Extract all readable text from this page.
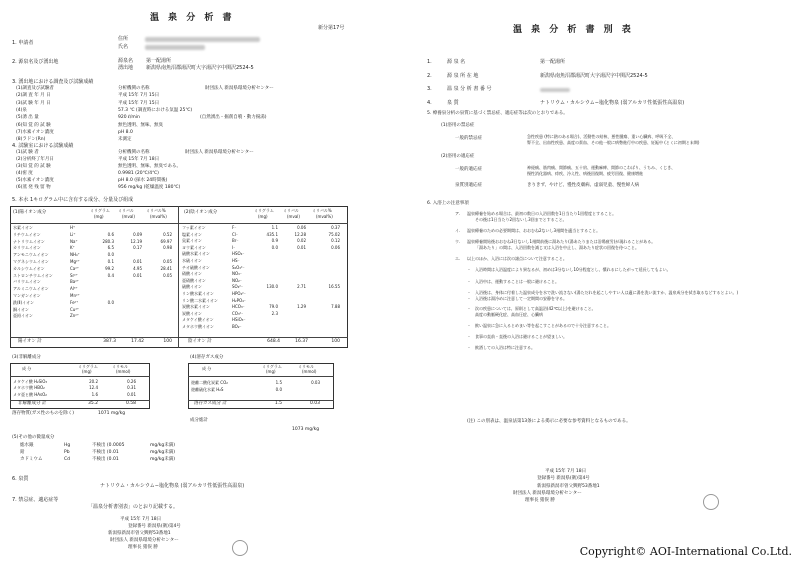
温 泉 分 析 書
新分第17号
1. 申請者
住所
氏名
2. 源泉名及び湧出地	源泉名	第一配湯所
湧出地	新潟県南魚沼郡湯沢町大字湯沢字中関沢2524-5
3. 湧出地における調査及び試験成績
(1)調査及び試験者	分析機関の名称	財団法人 新潟県環境分析センター
(2)調 査 年 月 日	平成 15年 7月 15日
(3)試 験 年 月 日	平成 15年 7月 15日
(4)泉	57.3 ℃ (調査時における気温 25℃)
(5)湧 出 量	920 ℓ/min	(自然湧出・掘削自噴・動力揚湯)
(6)知 覚 的 試 験	無色透明、無味、無臭
(7)水素イオン濃度	pH 8.0
(8)ラドン(Rn)	未測定
4. 試験室における試験成績
(1)試 験 者	分析機関の名称	財団法人 新潟県環境分析センター
(2)分析終了年月日	平成 15年 7月 18日
(3)知 覚 的 試 験	無色透明、無味、無臭である。
(4)密 度	0.9981 (20℃/4℃)
(5)水素イオン濃度	pH 8.0 (採水 24時間後)
(6)蒸 発 残 留 物	956 mg/kg (乾燥温度 180℃)
5. 本水 1キログラム中に含有する成分、分量及び組成
(1)陽イオン成分	(2)陰イオン成分
ミリグラム
(mg)
ミリバル
(mval)
ミリバル%
(mval%)
ミリグラム
(mg)
ミリバル
(mval)
ミリバル%
(mval%)
水素イオン	H⁺
リチウムイオン	Li⁺	0.6	0.09	0.52
ナトリウムイオン	Na⁺	280.3	12.19	69.97
カリウムイオン	K⁺	6.5	0.17	0.98
アンモニウムイオン	NH₄⁺	0.0
マグネシウムイオン	Mg²⁺	0.1	0.01	0.05
カルシウムイオン	Ca²⁺	99.2	4.95	28.41
ストロンチウムイオン	Sr²⁺	0.4	0.01	0.05
バリウムイオン	Ba²⁺
アルミニウムイオン	Al³⁺
マンガンイオン	Mn²⁺
鉄(Ⅱ)イオン	Fe²⁺	0.0
銅イオン	Cu²⁺
亜鉛イオン	Zn²⁺
フッ素イオン	F⁻	1.1	0.06	0.37
塩素イオン	Cl⁻	435.1	12.28	75.02
臭素イオン	Br⁻	0.9	0.02	0.12
ヨウ素イオン	I⁻	0.0	0.01	0.06
硫酸水素イオン	HSO₄⁻
水硫イオン	HS⁻
チオ硫酸イオン	S₂O₃²⁻
硝酸イオン	NO₃⁻
亜硝酸イオン	NO₂⁻
硫酸イオン	SO₄²⁻	130.0	2.71	16.55
リン酸水素イオン	HPO₄²⁻
リン酸二水素イオン	H₂PO₄⁻
炭酸水素イオン	HCO₃⁻	79.0	1.29	7.88
炭酸イオン	CO₃²⁻	2.3
メタケイ酸イオン	HSiO₃⁻
メタホウ酸イオン	BO₂⁻
陽イオン 計	387.3	17.42	100	陰イオン 計	648.4	16.37	100
(3)非解離成分
成 分	ミリグラム
(mg)
ミリモル
(mmol)
メタケイ酸 H₂SiO₃	20.2	0.26
メタホウ酸 HBO₂	12.4	0.31
メタ亜ヒ酸 HAsO₂	1.6	0.01
非解離成分 計	35.2	0.58
(4)溶存ガス成分
成 分	ミリグラム
(mg)
ミリモル
(mmol)
遊離二酸化炭素 CO₂	1.5	0.03
遊離硫化水素 H₂S	0.0
溶存ガス成分 計	1.5	0.03
溶存物質(ガス性のものを除く)	1071 mg/kg
成分総計
1073 mg/kg
(5)その他の微量成分
総水銀	Hg	不検出 (0.0005	mg/kg未満)
鉛	Pb	不検出 (0.01	mg/kg未満)
カドミウム	Cd	不検出 (0.01	mg/kg未満)
6. 泉質
ナトリウム・カルシウム−塩化物泉 (弱アルカリ性低張性高温泉)
7. 禁忌症、適応症等
「温泉分析書別表」のとおり記載する。
平成 15年 7月 18日
登録番号 新潟県(衛)第4号
新潟県新潟市曽父興野53番地1
財団法人 新潟県環境分析センター
理事長 猪俣 勝
温 泉 分 析 書 別 表
1.	源 泉 名	第一配湯所
2.	源 泉 所 在 地	新潟県南魚沼郡湯沢町大字湯沢字中関沢2524-5
3.	温 泉 分 析 書 番 号
4.	泉 質	ナトリウム・カルシウム−塩化物泉 (弱アルカリ性低張性高温泉)
5. 療養泉分析の泉質に基づく禁忌症、適応症等は次のとおりである。
(1)浴用の禁忌症
一般的禁忌症	急性疾患 (特に熱のある場合)、活動性の結核、悪性腫瘍、重い心臓病、呼吸不全、
腎不全、出血性疾患、高度の貧血、その他一般に病勢進行中の疾患、妊娠中 (とくに初期と末期)
(2)浴用の適応症
一般的適応症	神経痛、筋肉痛、関節痛、五十肩、運動麻痺、関節のこわばり、うちみ、くじき、
慢性消化器病、痔疾、冷え性、病後回復期、疲労回復、健康増進
泉質別適応症	きりきず、やけど、慢性皮膚病、虚弱児童、慢性婦人病
6. 入浴上の注意事項
ア. 温泉療養を始める場合は、最初の数日の入浴回数を1日当たり1回程度とすること。
その後は1日当たり2回ないし3回までとすること。
イ. 温泉療養のための必要期間は、おおむね2ないし3週間を適当とすること。
ウ. 温泉療養開始後おおむね3日ないし1週間前後に湯あたり(湯あたりまたは浴場疲労)が現れることがある。
「湯あたり」の間は、入浴回数を減じ又は入浴を中止し、湯あたり症状の回復を待つこと。
エ. 以上のほか、入浴には次の諸点について注意すること。
・ 入浴時間は入浴温度により異なるが、初めは3分ないし10分程度とし、慣れるにしたがって延長してもよい。
・ 入浴中は、運動することは一般に避けること。
・ 入浴後は、身体に付着した温泉成分を水で洗い流さない(湯ただれを起こしやすい人は適に湯を洗い流すか、温泉成分を拭き取るなどするとよい。)
・ 入浴後は湯冷めに注意して一定期間の安静を守る。
・ 次の疾患については、原則として高温浴(42℃以上)を避けること。
高度の動脈硬化症、高血圧症、心臓病
・ 飲い温泉に急に入るとめまい等を起こすことがあるので十分注意すること。
・ 食事の直前・直後の入浴は避けることが望ましい。
・ 飲酒しての入浴は特に注意する。
(注) この別表は、温泉法第13条による掲示に必要な参考資料となるものである。
平成 15年 7月 18日
登録番号 新潟県(衛)第4号
新潟県新潟市曽父興野53番地1
財団法人 新潟県環境分析センター
理事長 猪俣 勝
Copyright© AOI-International Co.Ltd.
